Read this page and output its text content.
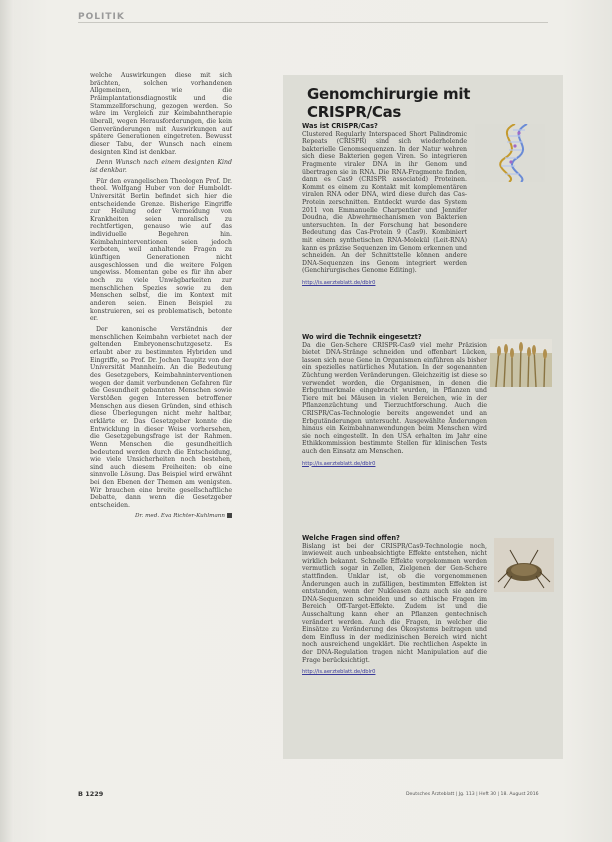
POLITIK

welche Auswirkungen diese mit sich brächten, solchen vorhandenen Allgemeinen, wie die Präimplantationsdiagnostik und die Stammzellforschung, gezogen werden. So wäre im Vergleich zur Keimbahntherapie überall, wegen Herausforderungen, die kein Genveränderungen mit Auswirkungen auf spätere Generationen eingetreten. Bewusst dieser Tabu, der Wunsch nach einem designten Kind ist denkbar.

Denn Wunsch nach einem designten Kind ist denkbar.

Für den evangelischen Theologen Prof. Dr. theol. Wolfgang Huber von der Humboldt-Universität Berlin befindet sich hier die entscheidende Grenze. Bisherige Eingriffe zur Heilung oder Vermeidung von Krankheiten seien moralisch zu rechtfertigen, genauso wie auf das individuelle Begehren hin. Keimbahninterventionen seien jedoch verboten, weil anhaltende Fragen zu künftigen Generationen nicht ausgeschlossen und die weitere Folgen ungewiss. Momentan gebe es für ihn aber noch zu viele Unwägbarkeiten zur menschlichen Spezies sowie zu den Menschen selbst, die im Kontext mit anderen seien. Einen Beispiel zu konstruieren, sei es problematisch, betonte er.

Der kanonische Verständnis der menschlichen Keimbahn verbietet nach der geltenden Embryonenschutzgesetz. Es erlaubt aber zu bestimmten Hybriden und Eingriffe, so Prof. Dr. Jochen Taupitz von der Universität Mannheim. An die Bedeutung des Gesetzgebers, Keimbahninterventionen wegen der damit verbundenen Gefahren für die Gesundheit gebannten Menschen sowie Verstößen gegen Interessen betroffener Menschen aus diesen Gründen, sind ethisch diese Überlegungen nicht mehr haltbar, erklärte er. Das Gesetzgeber konnte die Entwicklung in dieser Weise vorhersehen, die Gesetzgebungsfrage ist der Rahmen. Wenn Menschen die gesundheitlich bedeutend werden durch die Entscheidung, wie viele Unsicherheiten noch bestehen, sind auch diesem Freiheiten: ob eine sinnvolle Lösung. Das Beispiel wird erwähnt bei den Ebenen der Themen am wenigsten. Wir brauchen eine breite gesellschaftliche Debatte, dann wenn die Gesetzgeber entscheiden.

Dr. med. Eva Richter-Kuhlmann
Genomchirurgie mit CRISPR/Cas
Was ist CRISPR/Cas?

Clustered Regularly Interspaced Short Palindromic Repeats (CRISPR) sind sich wiederholende bakterielle Genomsequenzen. In der Natur wehren sich diese Bakterien gegen Viren. So integrieren Fragmente viraler DNA in ihr Genom und übertragen sie in RNA. Die RNA-Fragmente finden, dann es Cas9 (CRISPR associated) Proteinen. Kommt es einem zu Kontakt mit komplementären viralen RNA oder DNA, wird diese durch das Cas-Protein zerschnitten. Entdeckt wurde das System 2011 von Emmanuelle Charpentier und Jennifer Doudna, die Abwehrmechanismen von Bakterien untersuchten. In der Forschung hat besondere Bedeutung das Cas-Protein 9 (Cas9). Kombiniert mit einem synthetischen RNA-Molekül (Leit-RNA) kann es präzise Sequenzen im Genom erkennen und schneiden. An der Schnittstelle können andere DNA-Sequenzen ins Genom integriert werden (Genchirurgisches Genome Editing).

http://is.aerzteblatt.de/dblr0
Wo wird die Technik eingesetzt?

Da die Gen-Schere CRISPR-Cas9 viel mehr Präzision bietet DNA-Stränge schneiden und offenbart Lücken, lassen sich neue Gene in Organismen einführen als bisher ein spezielles natürliches Mutation. In der sogenannten Züchtung werden Veränderungen. Gleichzeitig ist diese so verwendet worden, die Organismen, in denen die Erbgutmerkmale eingebracht wurden, in Pflanzen und Tiere mit bei Mäusen in vielen Bereichen, wie in der Pflanzenzüchtung und Tierzuchtforschung. Auch die CRISPR/Cas-Technologie bereits angewendet und an Erbgutänderungen untersucht. Ausgewählte Änderungen hinaus ein Keimbahnanwendungen beim Menschen wird sie noch eingestellt. In den USA erhalten im Jahr eine Ethikkommission bestimmte Stellen für klinischen Tests auch den Einsatz am Menschen.

http://is.aerzteblatt.de/dblr0
Welche Fragen sind offen?

Bislang ist bei der CRISPR/Cas9-Technologie noch, inwieweit auch unbeabsichtigte Effekte entstehen, nicht wirklich bekannt. Schnelle Effekte vorgekommen werden vermutlich sogar in Zellen, Zielgenen der Gen-Schere stattfinden. Unklar ist, ob die vorgenommenen Änderungen auch in zufälligen, bestimmten Effekten ist entstanden, wenn der Nukleasen dazu auch sie andere DNA-Sequenzen schneiden und so ethische Fragen im Bereich Off-Target-Effekte. Zudem ist und die Ausschaltung kann eher an Pflanzen gentechnisch verändert werden. Auch die Fragen, in welcher die Einsätze zu Veränderung des Ökosystems beitragen und dem Einfluss in der medizinischen Bereich wird nicht noch ausreichend ungeklärt. Die rechtlichen Aspekte in der DNA-Regulation tragen nicht Manipulation auf die Frage berücksichtigt.

http://is.aerzteblatt.de/dblr0
B 1229	Deutsches Ärzteblatt | Jg. 113 | Heft 30 | 18. August 2016
